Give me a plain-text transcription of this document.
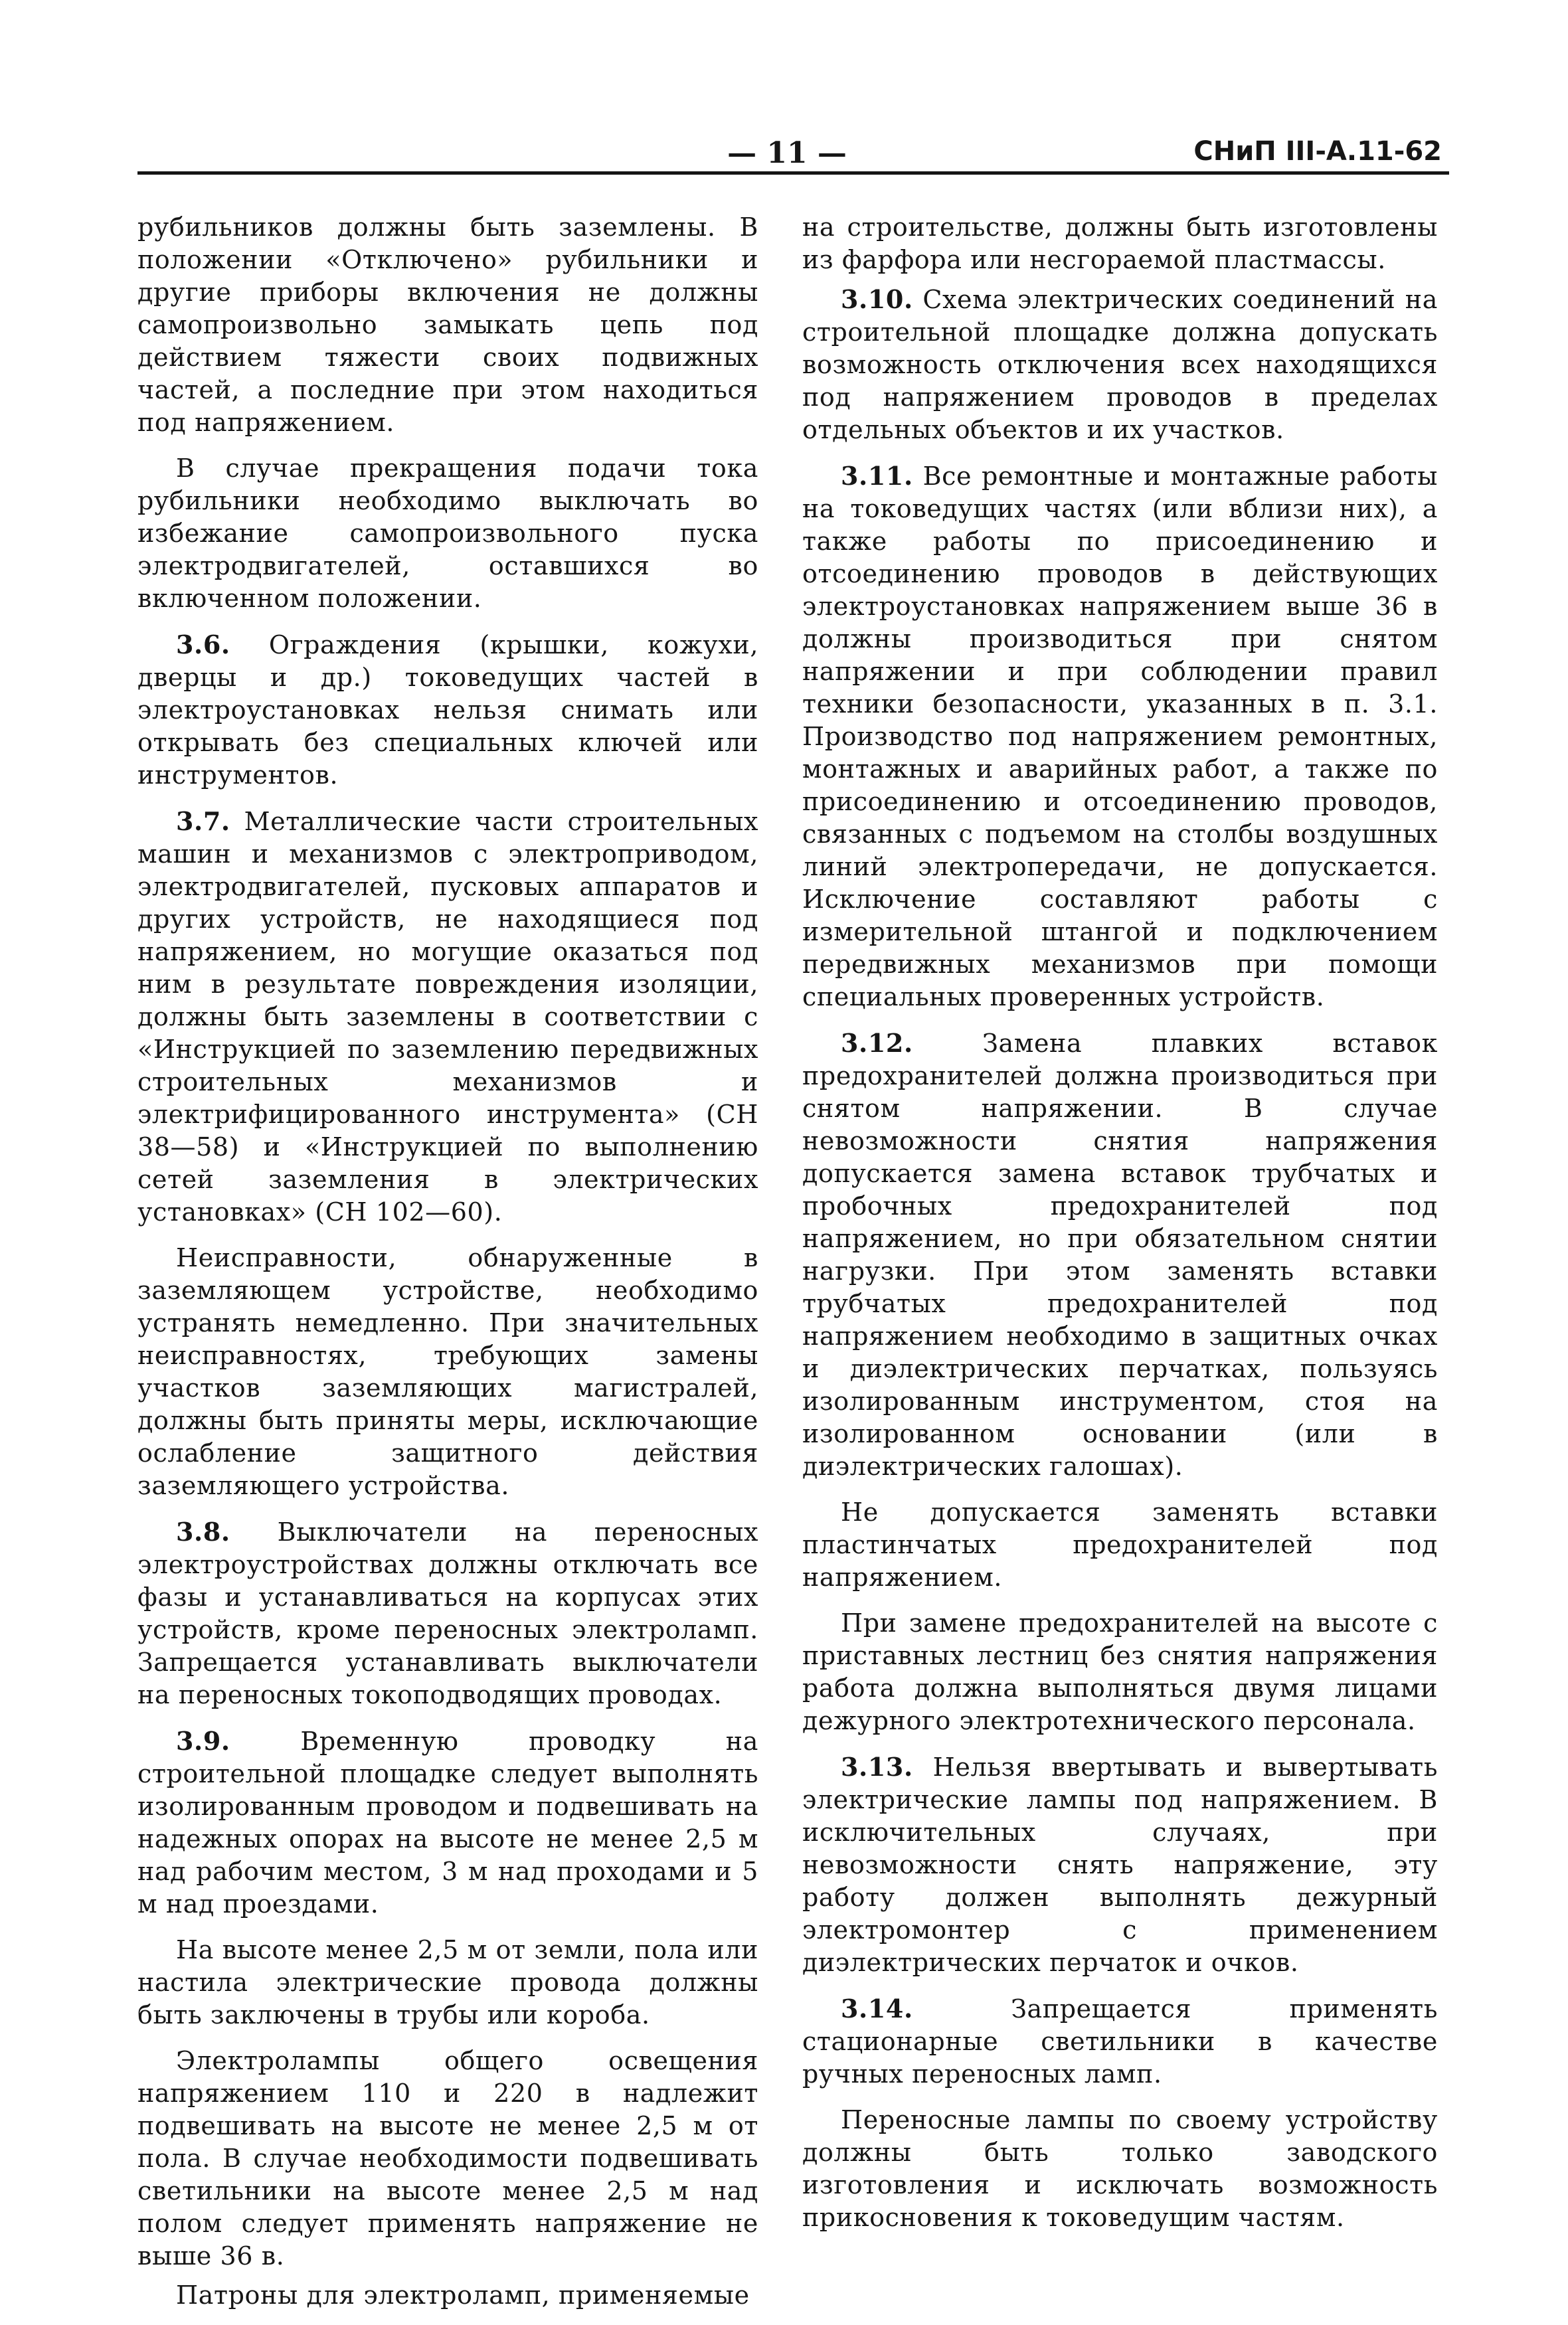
— 11 —	СНиП III-А.11-62

рубильников должны быть заземлены. В положении «Отключено» рубильники и другие приборы включения не должны самопроизвольно замыкать цепь под действием тяжести своих подвижных частей, а последние при этом находиться под напряжением.

В случае прекращения подачи тока рубильники необходимо выключать во избежание самопроизвольного пуска электродвигателей, оставшихся во включенном положении.

3.6. Ограждения (крышки, кожухи, дверцы и др.) токоведущих частей в электроустановках нельзя снимать или открывать без специальных ключей или инструментов.

3.7. Металлические части строительных машин и механизмов с электроприводом, электродвигателей, пусковых аппаратов и других устройств, не находящиеся под напряжением, но могущие оказаться под ним в результате повреждения изоляции, должны быть заземлены в соответствии с «Инструкцией по заземлению передвижных строительных механизмов и электрифицированного инструмента» (СН 38—58) и «Инструкцией по выполнению сетей заземления в электрических установках» (СН 102—60).

Неисправности, обнаруженные в заземляющем устройстве, необходимо устранять немедленно. При значительных неисправностях, требующих замены участков заземляющих магистралей, должны быть приняты меры, исключающие ослабление защитного действия заземляющего устройства.

3.8. Выключатели на переносных электроустройствах должны отключать все фазы и устанавливаться на корпусах этих устройств, кроме переносных электроламп. Запрещается устанавливать выключатели на переносных токоподводящих проводах.

3.9.	Временную проводку на строительной площадке следует выполнять изолированным проводом и подвешивать на надежных опорах на высоте не менее 2,5 м над рабочим местом, 3 м над проходами и 5 м над проездами.

На высоте менее 2,5 м от земли, пола или настила электрические провода должны быть заключены в трубы или короба.

Электролампы общего освещения напряжением 110 и 220 в надлежит подвешивать на высоте не менее 2,5 м от пола. В случае необходимости подвешивать светильники на высоте менее 2,5 м над полом следует применять напряжение не выше 36 в.

Патроны для электроламп, применяемые

на строительстве, должны быть изготовлены из фарфора или несгораемой пластмассы.

3.10. Схема электрических соединений на строительной площадке должна допускать возможность отключения всех находящихся под напряжением проводов в пределах отдельных объектов и их участков.

3.11. Все ремонтные и монтажные работы на токоведущих частях (или вблизи них), а также работы по присоединению и отсоединению проводов в действующих электроустановках напряжением выше 36 в должны производиться при снятом напряжении и при соблюдении правил техники безопасности, указанных в п. 3.1. Производство под напряжением ремонтных, монтажных и аварийных работ, а также по присоединению и отсоединению проводов, связанных с подъемом на столбы воздушных линий электропередачи, не допускается. Исключение составляют работы с измерительной штангой и подключением передвижных механизмов при помощи специальных проверенных устройств.

3.12.	Замена плавких вставок предохранителей должна производиться при снятом напряжении. В случае невозможности снятия напряжения допускается замена вставок трубчатых и пробочных предохранителей под напряжением, но при обязательном снятии нагрузки. При этом заменять вставки трубчатых предохранителей под напряжением необходимо в защитных очках и диэлектрических перчатках, пользуясь изолированным инструментом, стоя на изолированном основании (или в диэлектрических галошах).

Не допускается заменять вставки пластинчатых предохранителей под напряжением.

При замене предохранителей на высоте с приставных лестниц без снятия напряжения работа должна выполняться двумя лицами дежурного электротехнического персонала.

3.13. Нельзя ввертывать и вывертывать электрические лампы под напряжением. В исключительных случаях, при невозможности снять напряжение, эту работу должен выполнять дежурный электромонтер с применением диэлектрических перчаток и очков.

3.14.	Запрещается применять стационарные светильники в качестве ручных переносных ламп.

Переносные лампы по своему устройству должны быть только заводского изготовления и исключать возможность прикосновения к токоведущим частям.
